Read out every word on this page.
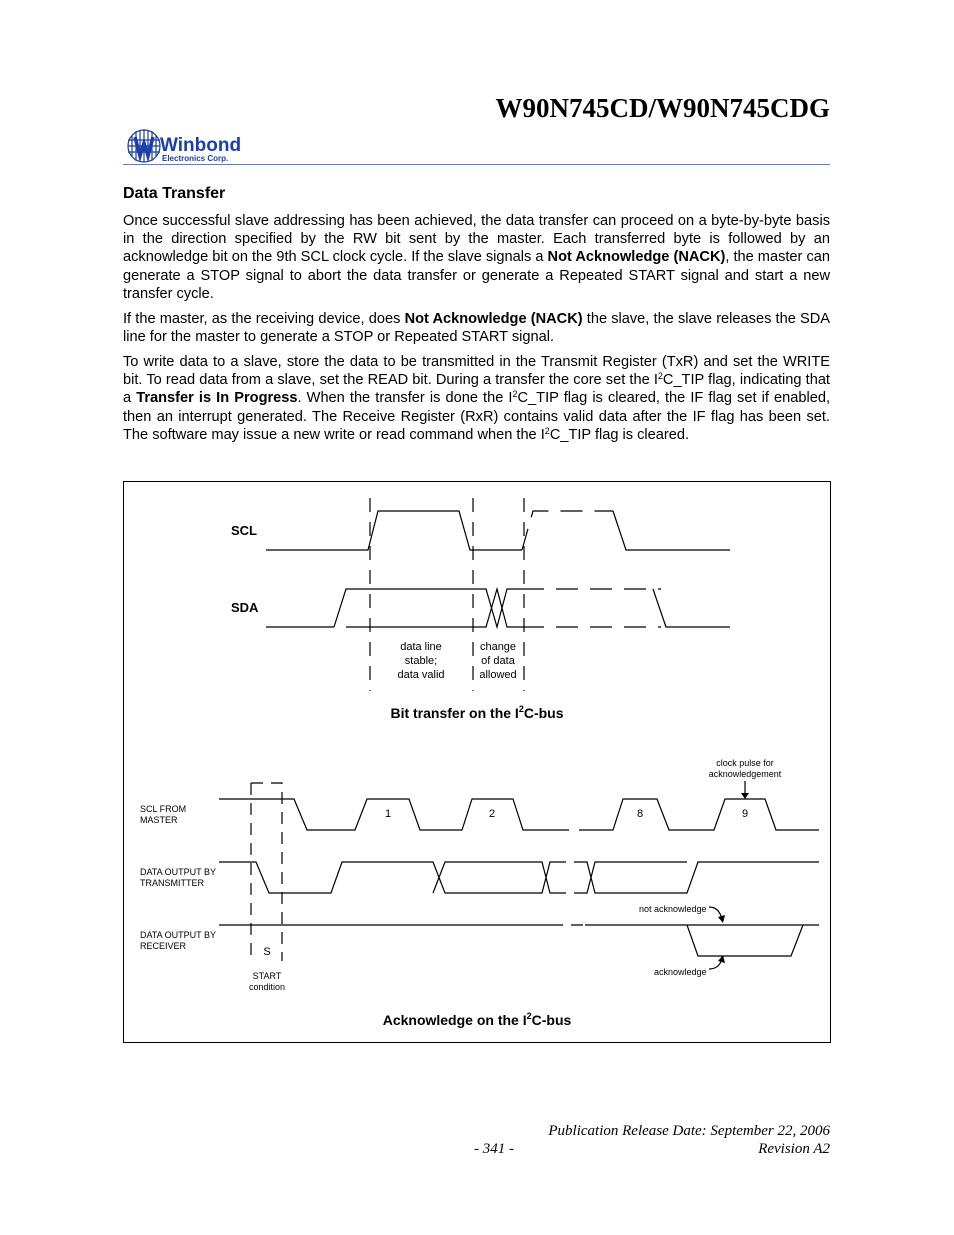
W90N745CD/W90N745CDG
Winbond
Electronics Corp.
Data Transfer

Once successful slave addressing has been achieved, the data transfer can proceed on a byte-by-byte basis in the direction specified by the RW bit sent by the master. Each transferred byte is followed by an acknowledge bit on the 9th SCL clock cycle. If the slave signals a Not Acknowledge (NACK), the master can generate a STOP signal to abort the data transfer or generate a Repeated START signal and start a new transfer cycle.

If the master, as the receiving device, does Not Acknowledge (NACK) the slave, the slave releases the SDA line for the master to generate a STOP or Repeated START signal.

To write data to a slave, store the data to be transmitted in the Transmit Register (TxR) and set the WRITE bit. To read data from a slave, set the READ bit. During a transfer the core set the $I^2C\_TIP$ flag, indicating that a Transfer is In Progress. When the transfer is done the $I^2C\_TIP$ flag is cleared, the IF flag set if enabled, then an interrupt generated. The Receive Register (RxR) contains valid data after the IF flag has been set. The software may issue a new write or read command when the $I^2C\_TIP$ flag is cleared.

SCL
SDA
data line
stable;
data valid
change
of data
allowed
Bit transfer on the $I^2C$-bus
SCL FROM
MASTER
DATA OUTPUT BY
TRANSMITTER
DATA OUTPUT BY
RECEIVER
clock pulse for
acknowledgement
not acknowledge
acknowledge
START
condition
1	2	8	9
S
Acknowledge on the $I^2C$-bus
Publication Release Date: September 22, 2006
- 341 -	Revision A2
